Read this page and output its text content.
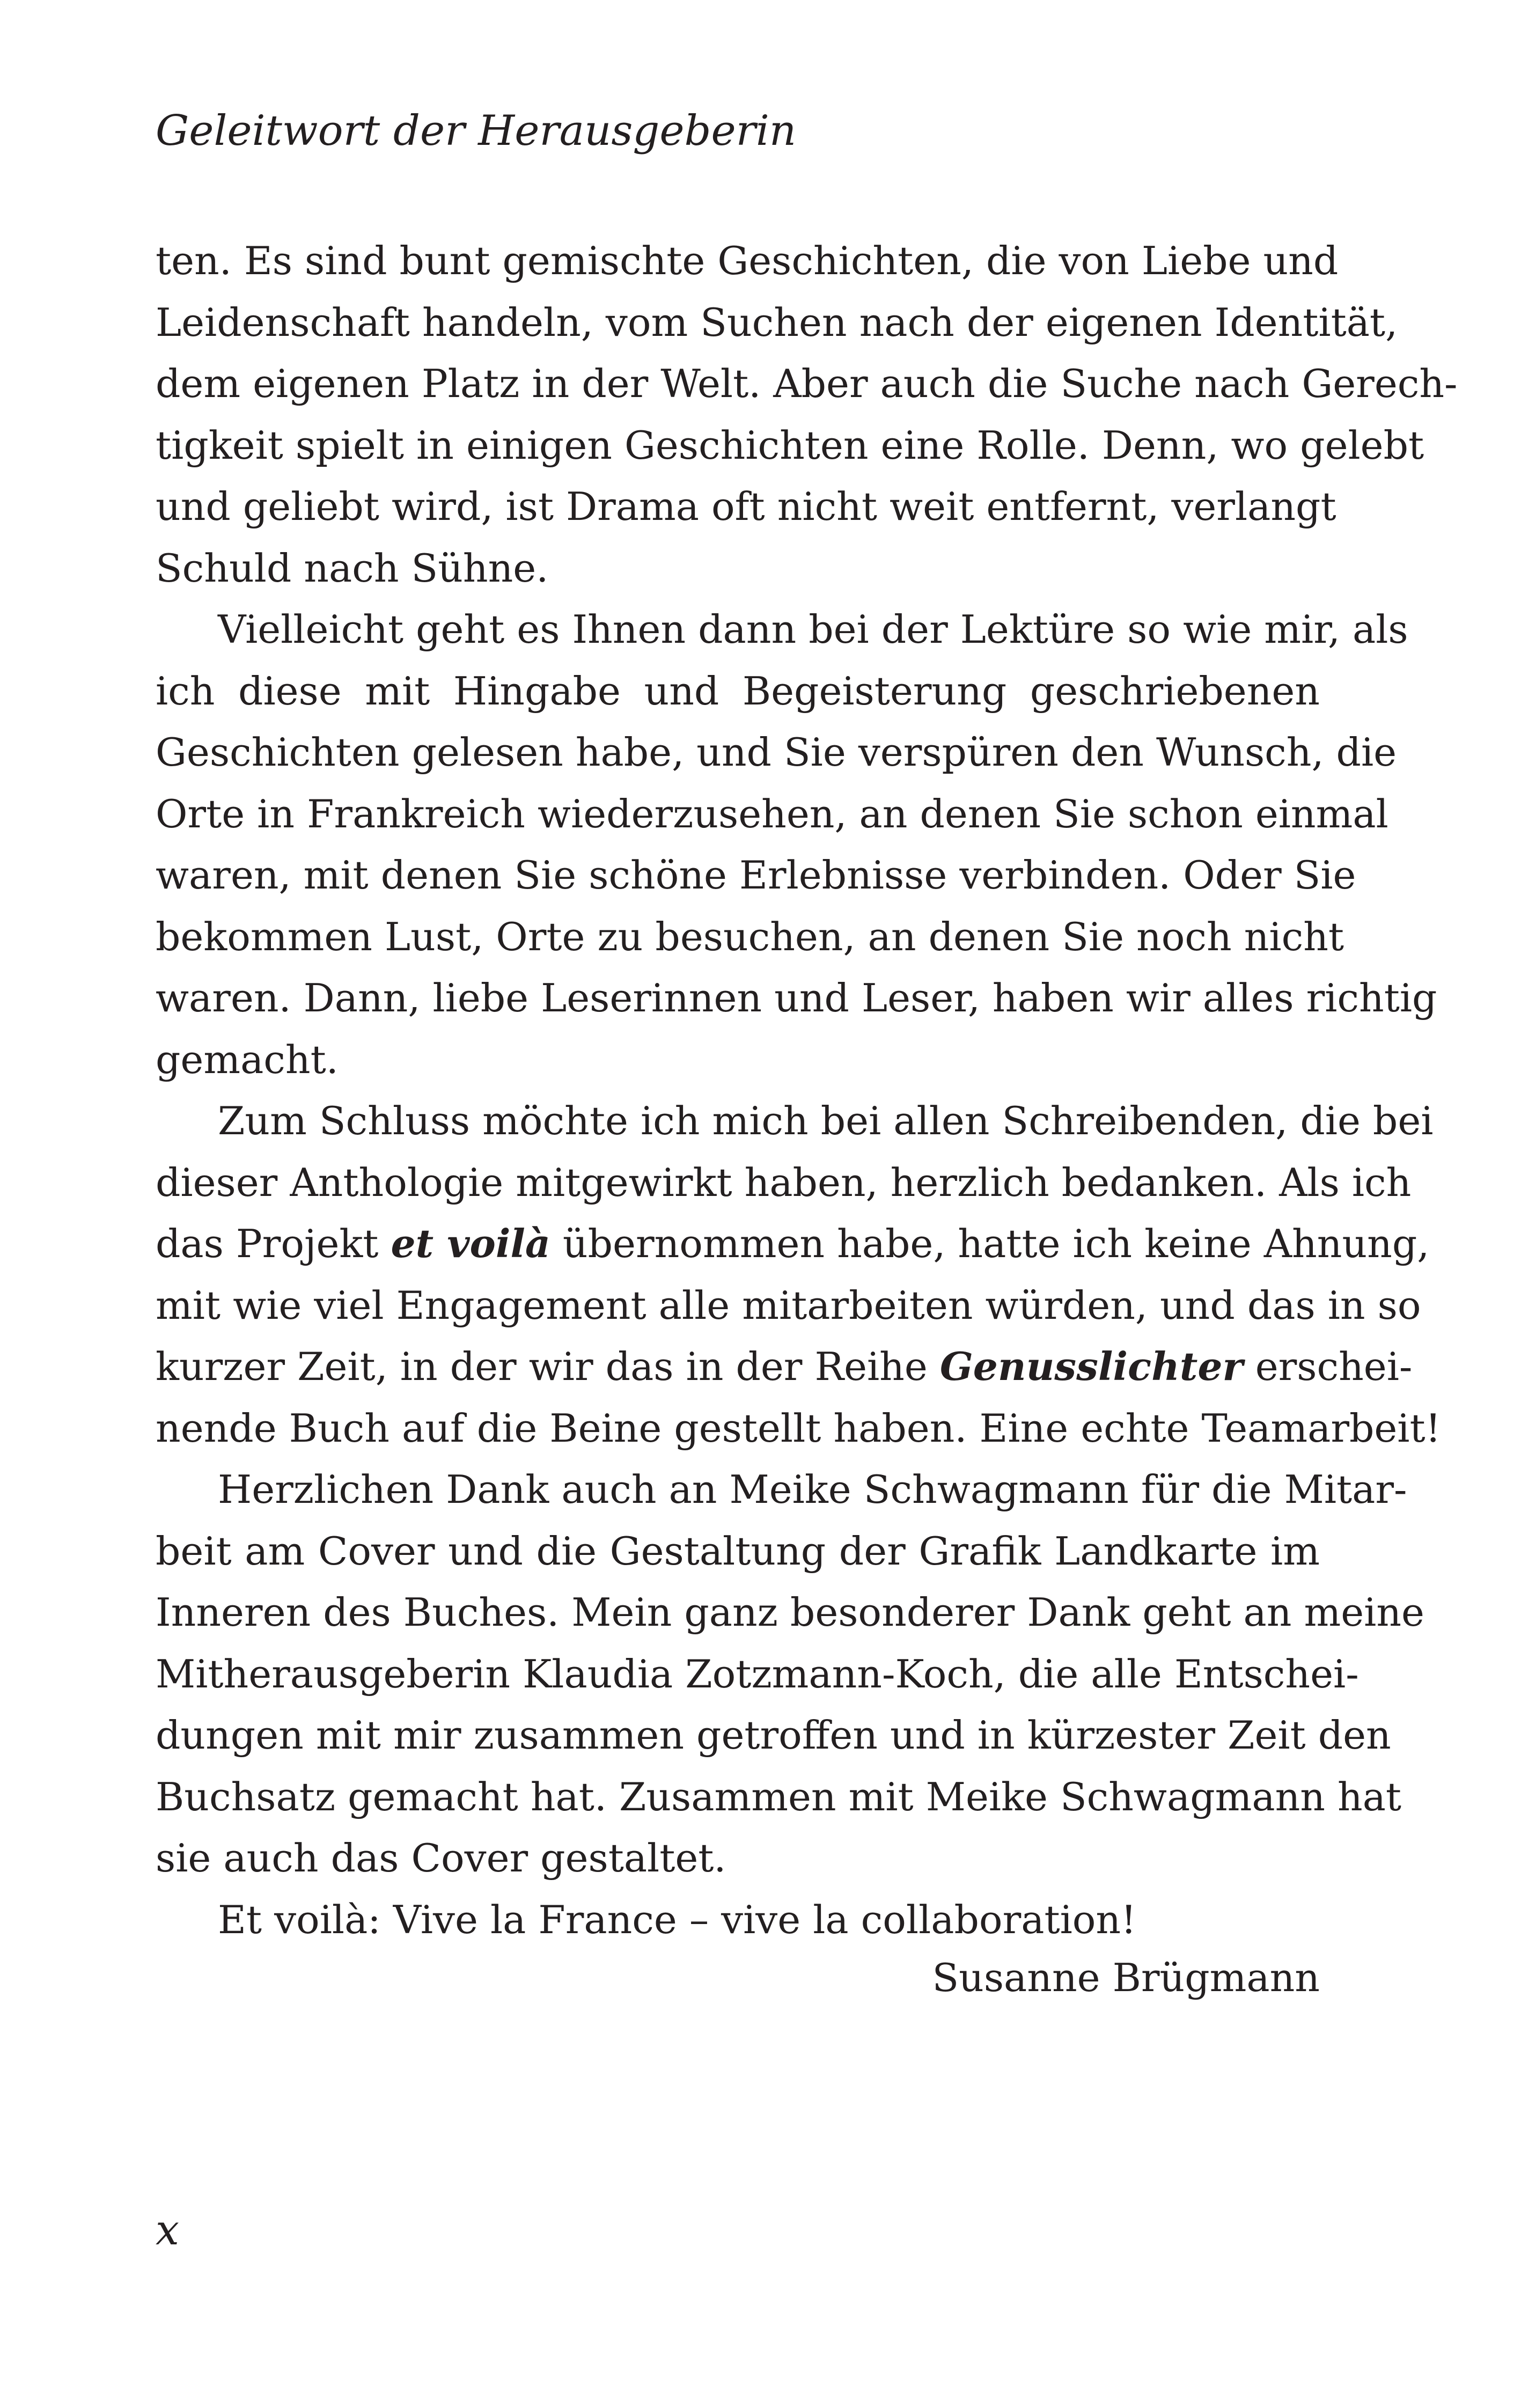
Geleitwort der Herausgeberin
ten. Es sind bunt gemischte Geschichten, die von Liebe und
Leidenschaft handeln, vom Suchen nach der eigenen Identität,
dem eigenen Platz in der Welt. Aber auch die Suche nach Gerech-
tigkeit spielt in einigen Geschichten eine Rolle. Denn, wo gelebt
und geliebt wird, ist Drama oft nicht weit entfernt, verlangt
Schuld nach Sühne.
Vielleicht geht es Ihnen dann bei der Lektüre so wie mir, als
ich diese mit Hingabe und Begeisterung geschriebenen
Geschichten gelesen habe, und Sie verspüren den Wunsch, die
Orte in Frankreich wiederzusehen, an denen Sie schon einmal
waren, mit denen Sie schöne Erlebnisse verbinden. Oder Sie
bekommen Lust, Orte zu besuchen, an denen Sie noch nicht
waren. Dann, liebe Leserinnen und Leser, haben wir alles richtig
gemacht.
Zum Schluss möchte ich mich bei allen Schreibenden, die bei
dieser Anthologie mitgewirkt haben, herzlich bedanken. Als ich
das Projekt et voilà übernommen habe, hatte ich keine Ahnung,
mit wie viel Engagement alle mitarbeiten würden, und das in so
kurzer Zeit, in der wir das in der Reihe Genusslichter erschei-
nende Buch auf die Beine gestellt haben. Eine echte Teamarbeit!
Herzlichen Dank auch an Meike Schwagmann für die Mitar-
beit am Cover und die Gestaltung der Grafik Landkarte im
Inneren des Buches. Mein ganz besonderer Dank geht an meine
Mitherausgeberin Klaudia Zotzmann-Koch, die alle Entschei-
dungen mit mir zusammen getroffen und in kürzester Zeit den
Buchsatz gemacht hat. Zusammen mit Meike Schwagmann hat
sie auch das Cover gestaltet.
Et voilà: Vive la France – vive la collaboration!
Susanne Brügmann
x
